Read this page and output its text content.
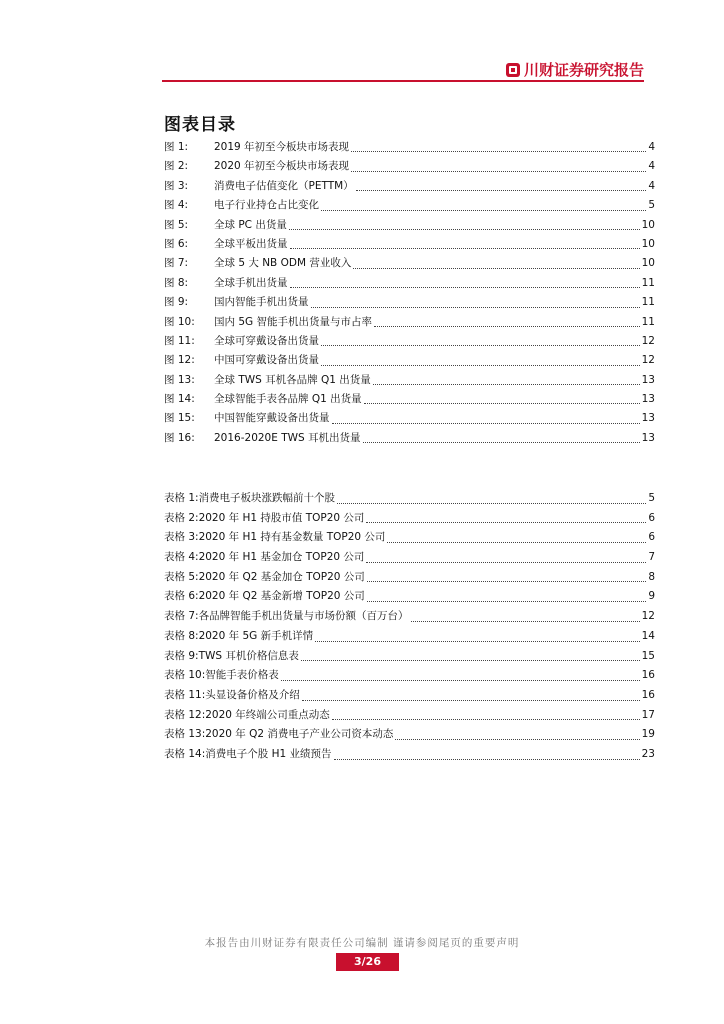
川财证券研究报告
图表目录
图 1:	2019 年初至今板块市场表现	4
图 2:	2020 年初至今板块市场表现	4
图 3:	消费电子估值变化（PETTM）	4
图 4:	电子行业持仓占比变化	5
图 5:	全球 PC 出货量	10
图 6:	全球平板出货量	10
图 7:	全球 5 大 NB ODM 营业收入	10
图 8:	全球手机出货量	11
图 9:	国内智能手机出货量	11
图 10:	国内 5G 智能手机出货量与市占率	11
图 11:	全球可穿戴设备出货量	12
图 12:	中国可穿戴设备出货量	12
图 13:	全球 TWS 耳机各品牌 Q1 出货量	13
图 14:	全球智能手表各品牌 Q1 出货量	13
图 15:	中国智能穿戴设备出货量	13
图 16:	2016-2020E TWS 耳机出货量	13
表格 1: 消费电子板块涨跌幅前十个股	5
表格 2: 2020 年 H1 持股市值 TOP20 公司	6
表格 3: 2020 年 H1 持有基金数量 TOP20 公司	6
表格 4: 2020 年 H1 基金加仓 TOP20 公司	7
表格 5: 2020 年 Q2 基金加仓 TOP20 公司	8
表格 6: 2020 年 Q2 基金新增 TOP20 公司	9
表格 7: 各品牌智能手机出货量与市场份额（百万台）	12
表格 8: 2020 年 5G 新手机详情	14
表格 9: TWS 耳机价格信息表	15
表格 10: 智能手表价格表	16
表格 11: 头显设备价格及介绍	16
表格 12: 2020 年终端公司重点动态	17
表格 13: 2020 年 Q2 消费电子产业公司资本动态	19
表格 14: 消费电子个股 H1 业绩预告	23
本报告由川财证券有限责任公司编制 谨请参阅尾页的重要声明
3/26
